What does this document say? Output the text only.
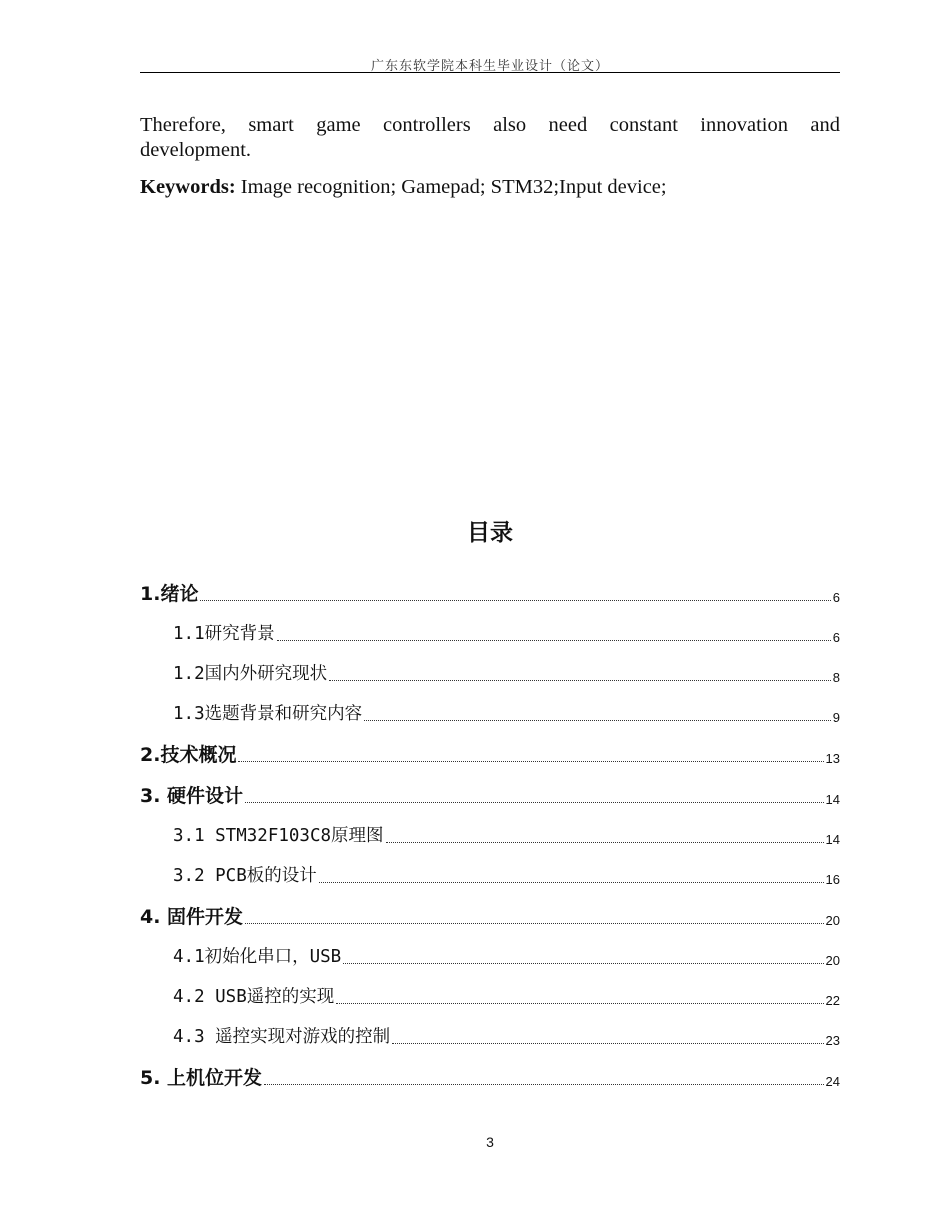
广东东软学院本科生毕业设计（论文）
Therefore, smart game controllers also need constant innovation and
development.
Keywords: Image recognition; Gamepad; STM32;Input device;
目录
1.绪论	6
1.1研究背景	6
1.2国内外研究现状	8
1.3选题背景和研究内容	9
2.技术概况	13
3. 硬件设计	14
3.1 STM32F103C8原理图	14
3.2 PCB板的设计	16
4. 固件开发	20
4.1初始化串口，USB	20
4.2 USB遥控的实现	22
4.3 遥控实现对游戏的控制	23
5. 上机位开发	24
3
